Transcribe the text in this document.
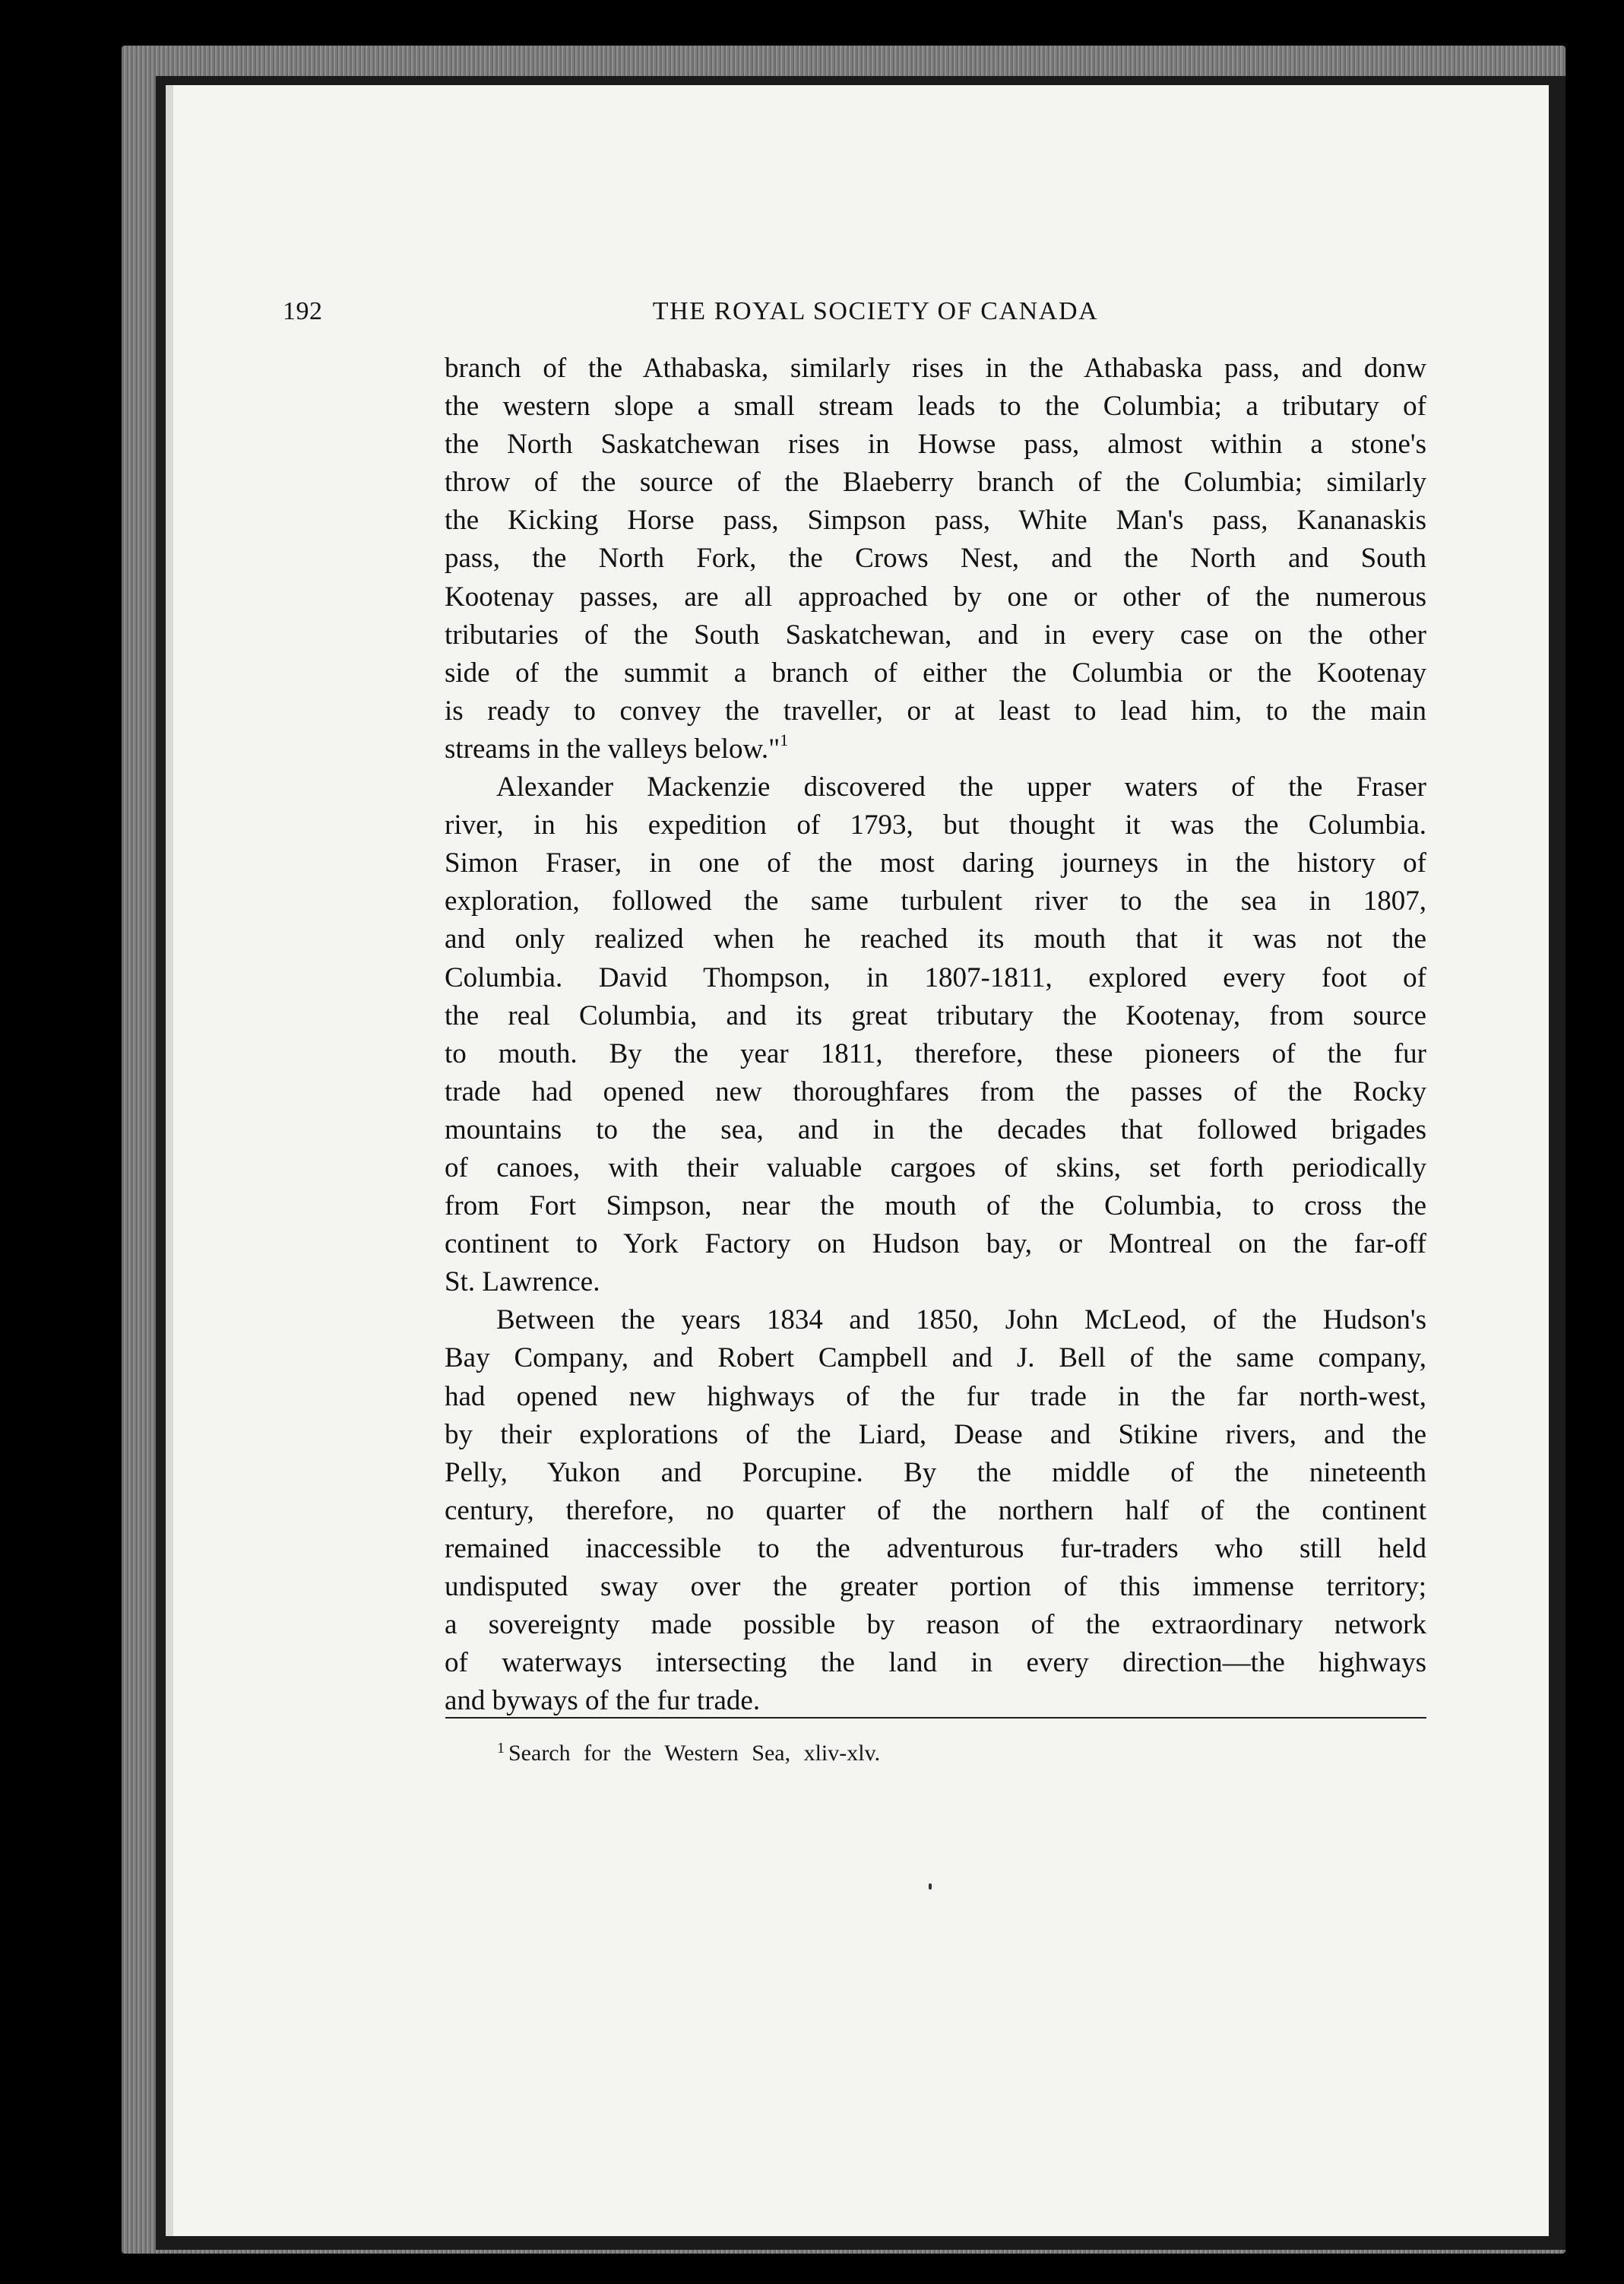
192	THE ROYAL SOCIETY OF CANADA
branch of the Athabaska, similarly rises in the Athabaska pass, and donw
the western slope a small stream leads to the Columbia; a tributary of
the North Saskatchewan rises in Howse pass, almost within a stone's
throw of the source of the Blaeberry branch of the Columbia; similarly
the Kicking Horse pass, Simpson pass, White Man's pass, Kananaskis
pass, the North Fork, the Crows Nest, and the North and South
Kootenay passes, are all approached by one or other of the numerous
tributaries of the South Saskatchewan, and in every case on the other
side of the summit a branch of either the Columbia or the Kootenay
is ready to convey the traveller, or at least to lead him, to the main
streams in the valleys below."$^1$
Alexander Mackenzie discovered the upper waters of the Fraser
river, in his expedition of 1793, but thought it was the Columbia.
Simon Fraser, in one of the most daring journeys in the history of
exploration, followed the same turbulent river to the sea in 1807,
and only realized when he reached its mouth that it was not the
Columbia. David Thompson, in 1807-1811, explored every foot of
the real Columbia, and its great tributary the Kootenay, from source
to mouth. By the year 1811, therefore, these pioneers of the fur
trade had opened new thoroughfares from the passes of the Rocky
mountains to the sea, and in the decades that followed brigades
of canoes, with their valuable cargoes of skins, set forth periodically
from Fort Simpson, near the mouth of the Columbia, to cross the
continent to York Factory on Hudson bay, or Montreal on the far-off
St. Lawrence.
Between the years 1834 and 1850, John McLeod, of the Hudson's
Bay Company, and Robert Campbell and J. Bell of the same company,
had opened new highways of the fur trade in the far north-west,
by their explorations of the Liard, Dease and Stikine rivers, and the
Pelly, Yukon and Porcupine. By the middle of the nineteenth
century, therefore, no quarter of the northern half of the continent
remained inaccessible to the adventurous fur-traders who still held
undisputed sway over the greater portion of this immense territory;
a sovereignty made possible by reason of the extraordinary network
of waterways intersecting the land in every direction—the highways
and byways of the fur trade.
$^1$ Search for the Western Sea, xliv-xlv.
